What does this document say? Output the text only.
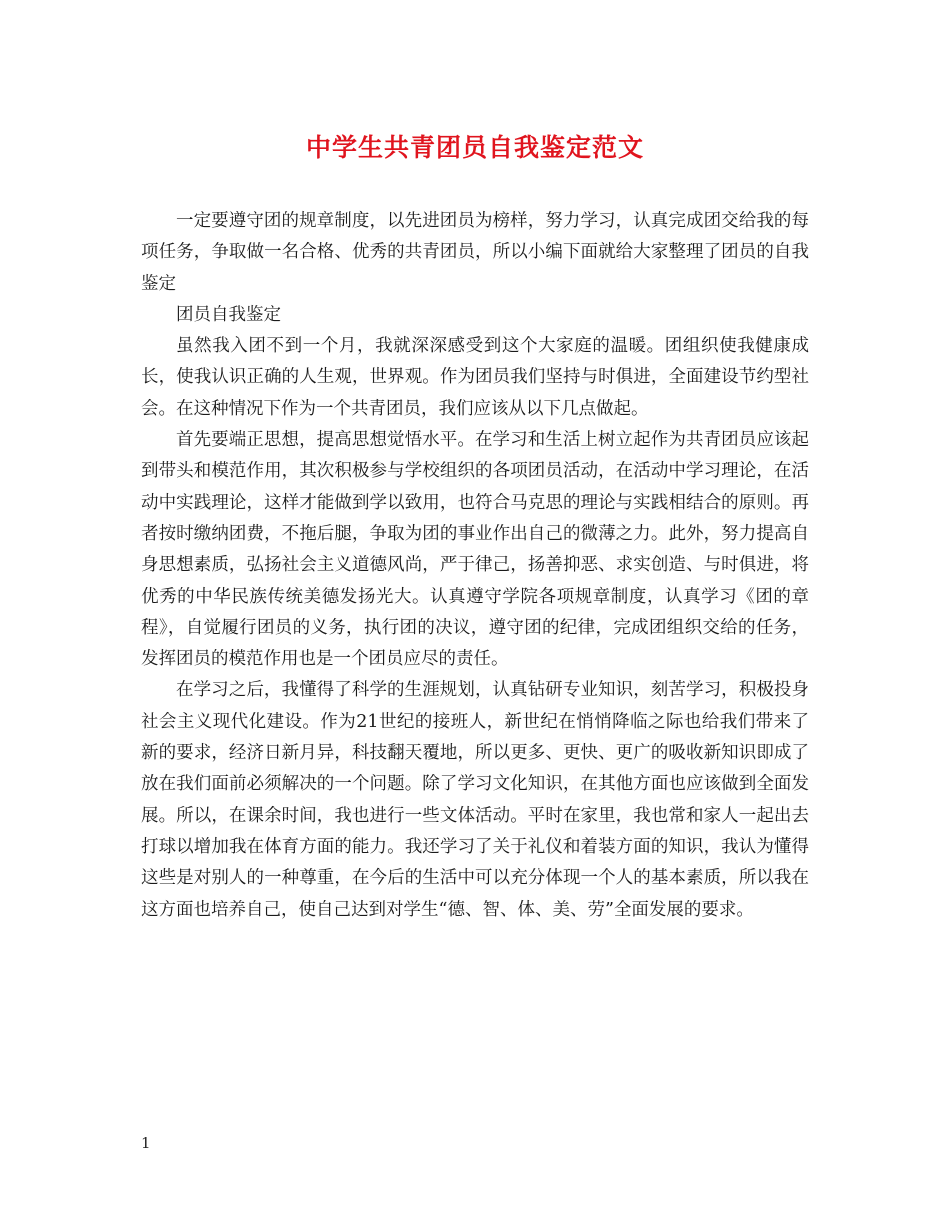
中学生共青团员自我鉴定范文

一定要遵守团的规章制度，以先进团员为榜样，努力学习，认真完成团交给我的每项任务，争取做一名合格、优秀的共青团员，所以小编下面就给大家整理了团员的自我鉴定

团员自我鉴定

虽然我入团不到一个月，我就深深感受到这个大家庭的温暖。团组织使我健康成长，使我认识正确的人生观，世界观。作为团员我们坚持与时俱进，全面建设节约型社会。在这种情况下作为一个共青团员，我们应该从以下几点做起。

首先要端正思想，提高思想觉悟水平。在学习和生活上树立起作为共青团员应该起到带头和模范作用，其次积极参与学校组织的各项团员活动，在活动中学习理论，在活动中实践理论，这样才能做到学以致用，也符合马克思的理论与实践相结合的原则。再者按时缴纳团费，不拖后腿，争取为团的事业作出自己的微薄之力。此外，努力提高自身思想素质，弘扬社会主义道德风尚，严于律己，扬善抑恶、求实创造、与时俱进，将优秀的中华民族传统美德发扬光大。认真遵守学院各项规章制度，认真学习《团的章程》，自觉履行团员的义务，执行团的决议，遵守团的纪律，完成团组织交给的任务，发挥团员的模范作用也是一个团员应尽的责任。

在学习之后，我懂得了科学的生涯规划，认真钻研专业知识，刻苦学习，积极投身社会主义现代化建设。作为21世纪的接班人，新世纪在悄悄降临之际也给我们带来了新的要求，经济日新月异，科技翻天覆地，所以更多、更快、更广的吸收新知识即成了放在我们面前必须解决的一个问题。除了学习文化知识，在其他方面也应该做到全面发展。所以，在课余时间，我也进行一些文体活动。平时在家里，我也常和家人一起出去打球以增加我在体育方面的能力。我还学习了关于礼仪和着装方面的知识，我认为懂得这些是对别人的一种尊重，在今后的生活中可以充分体现一个人的基本素质，所以我在这方面也培养自己，使自己达到对学生“德、智、体、美、劳”全面发展的要求。

1
